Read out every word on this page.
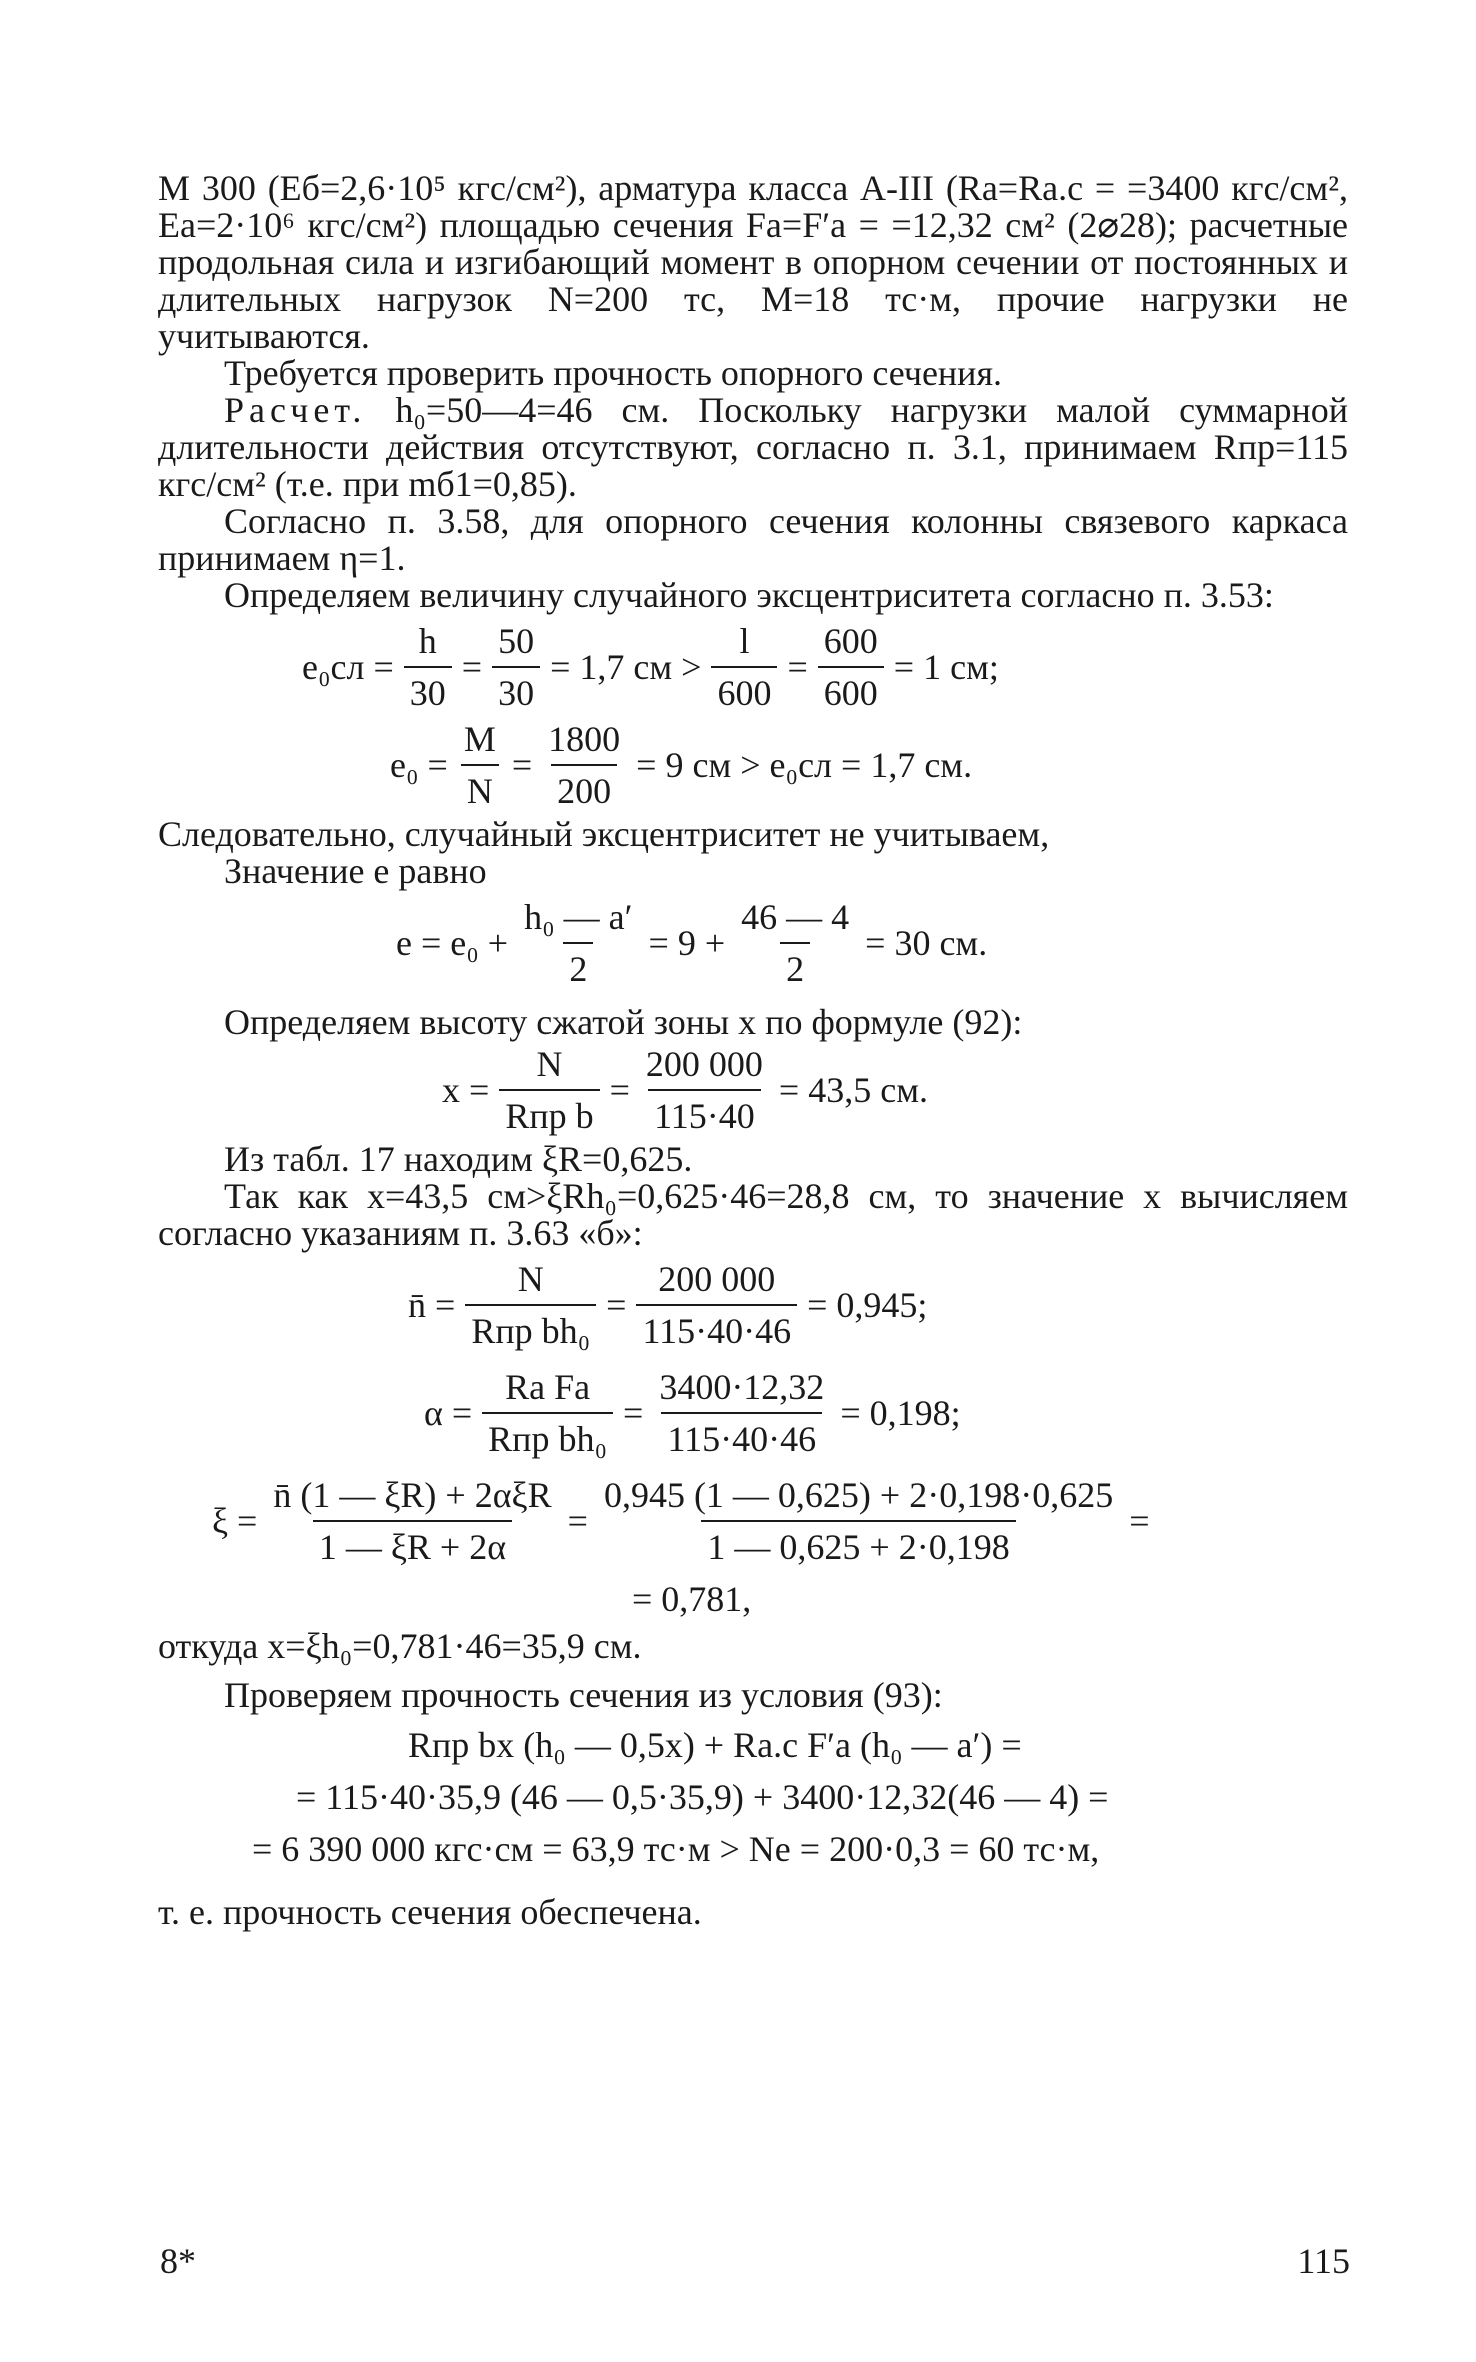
М 300 (Eб=2,6·10⁵ кгс/см²), арматура класса А-III (Rа=Rа.с = =3400 кгс/см², Eа=2·10⁶ кгс/см²) площадью сечения Fа=F′а = =12,32 см² (2⌀28); расчетные продольная сила и изгибающий момент в опорном сечении от постоянных и длительных нагрузок N=200 тс, M=18 тс·м, прочие нагрузки не учитываются.

Требуется проверить прочность опорного сечения.

Расчет. h₀=50—4=46 см. Поскольку нагрузки малой суммарной длительности действия отсутствуют, согласно п. 3.1, принимаем Rпр=115 кгс/см² (т.е. при mб1=0,85).

Согласно п. 3.58, для опорного сечения колонны связевого каркаса принимаем η=1.

Определяем величину случайного эксцентриситета согласно п. 3.53:

$e_0сл = \frac{h}{30} = \frac{50}{30} = 1,7$ см > $\frac{l}{600} = \frac{600}{600} = 1$ см;
$e_0 = \frac{M}{N} = \frac{1800}{200} = 9$ см > e₀сл = 1,7 см.

Следовательно, случайный эксцентриситет не учитываем,

Значение e равно

$e = e_0 + \frac{\text{h₀ — a′}}{2} = 9 + \frac{46 — 4}{2} = 30$ см.

Определяем высоту сжатой зоны x по формуле (92):

$x = \frac{N}{\text{Rпр b}} = \frac{200 000}{115\cdot 40} = 43,5$ см.

Из табл. 17 находим ξR=0,625.

Так как x=43,5 см>ξRh₀=0,625·46=28,8 см, то значение x вычисляем согласно указаниям п. 3.63 «б»:

n̄ = $\frac{N}{\text{Rпр bh₀}} = \frac{200 000}{115\cdot 40\cdot 46} = 0,945$;
$\alpha = \frac{\text{Rа Fа}}{\text{Rпр bh₀}} = \frac{3400\cdot 12,32}{115\cdot 40\cdot 46} = 0,198$;
$\xi = \frac{\text{n̄ (1 — ξR) + 2αξR}}{1 — \xi R + 2\alpha} = \frac{0,945 (1 — 0,625) + 2\cdot 0,198\cdot 0,625}{1 — 0,625 + 2\cdot 0,198}$ =
= 0,781,

откуда x=ξh₀=0,781·46=35,9 см.

Проверяем прочность сечения из условия (93):

Rпр bx (h₀ — 0,5x) + Rа.с F′а (h₀ — a′) =
= 115·40·35,9 (46 — 0,5·35,9) + 3400·12,32(46 — 4) =
= 6 390 000 кгс·см = 63,9 тс·м > Ne = 200·0,3 = 60 тс·м,

т. е. прочность сечения обеспечена.

8*	115
